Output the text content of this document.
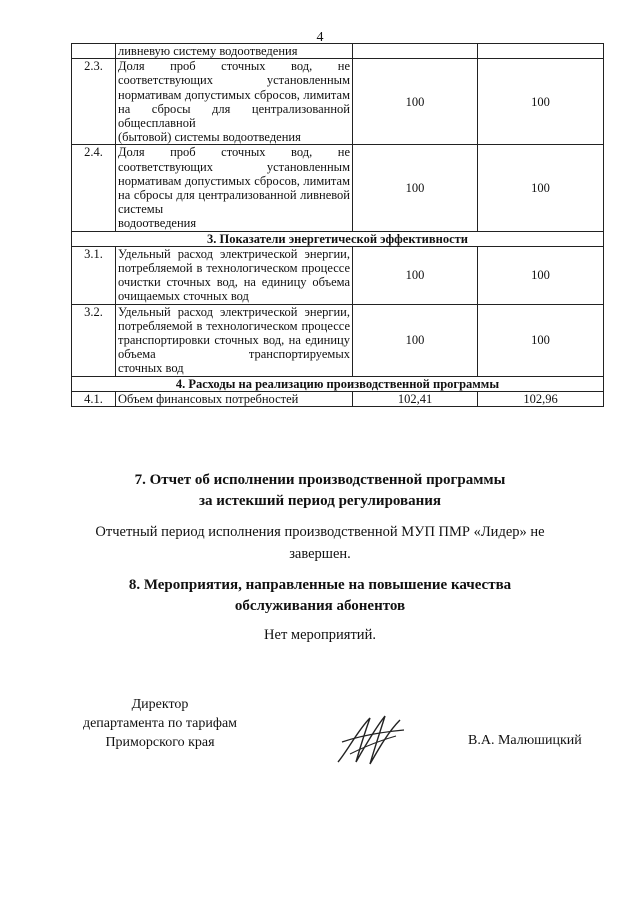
4

	ливневую систему водоотведения		

2.3.	Доля проб сточных вод, не соответствующих установленным нормативам допустимых сбросов, лимитам на сбросы для централизованной общесплавной
(бытовой) системы водоотведения	100	100
2.4.	Доля проб сточных вод, не соответствующих установленным нормативам допустимых сбросов, лимитам на сбросы для централизованной ливневой системы
водоотведения	100	100
3. Показатели энергетической эффективности			
3.1.	Удельный расход электрической энергии, потребляемой в технологическом процессе очистки сточных вод, на единицу объема
очищаемых сточных вод	100	100
3.2.	Удельный расход электрической энергии, потребляемой в технологическом процессе транспортировки сточных вод, на единицу объема транспортируемых
сточных вод	100	100
4. Расходы на реализацию производственной программы			
4.1.	Объем финансовых потребностей	102,41	102,96
7. Отчет об исполнении производственной программы
за истекший период регулирования
Отчетный период исполнения производственной МУП ПМР «Лидер» не
завершен.
8. Мероприятия, направленные на повышение качества
обслуживания абонентов
Нет мероприятий.
Директор
департамента по тарифам
Приморского края	В.А. Малюшицкий
